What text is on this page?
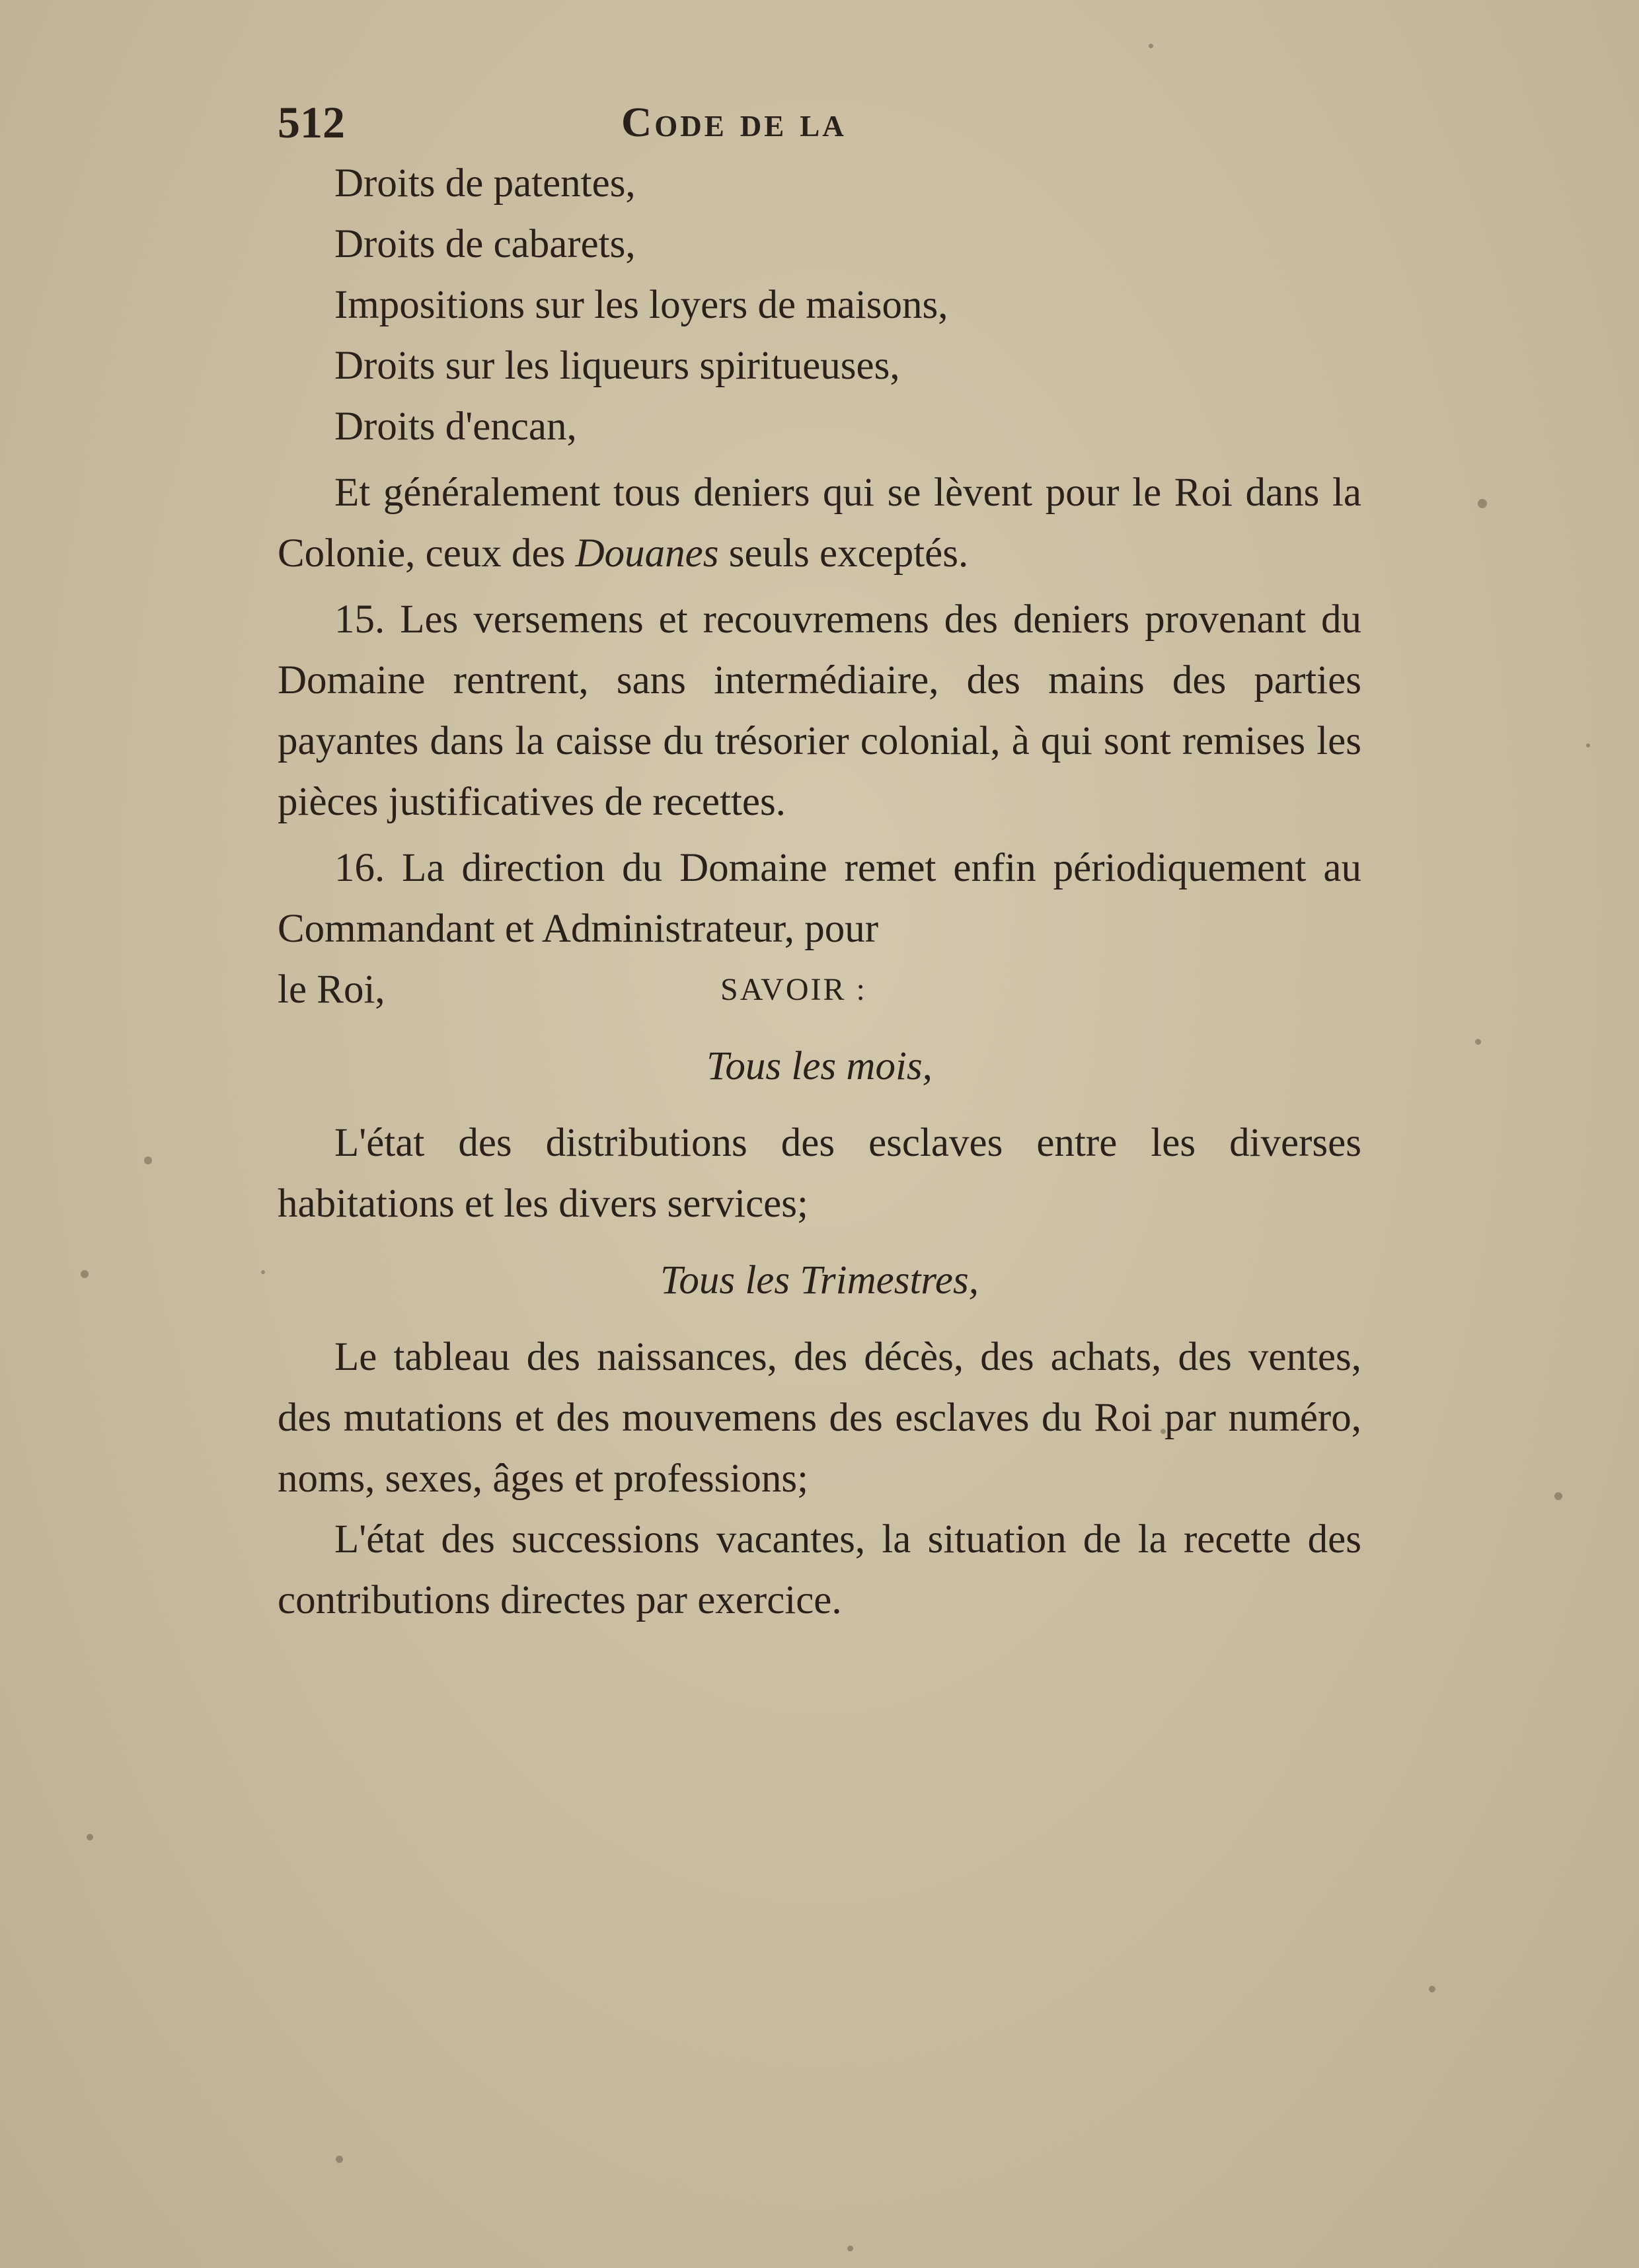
512	Code de la

Droits de patentes,

Droits de cabarets,

Impositions sur les loyers de maisons,

Droits sur les liqueurs spiritueuses,

Droits d'encan,

Et généralement tous deniers qui se lèvent pour le Roi dans la Colonie, ceux des Douanes seuls exceptés.

15. Les versemens et recouvremens des deniers provenant du Domaine rentrent, sans intermédiaire, des mains des parties payantes dans la caisse du trésorier colonial, à qui sont remises les pièces justificatives de recettes.

16. La direction du Domaine remet enfin périodiquement au Commandant et Administrateur, pour

le Roi,	SAVOIR :

Tous les mois,

L'état des distributions des esclaves entre les diverses habitations et les divers services;

Tous les Trimestres,

Le tableau des naissances, des décès, des achats, des ventes, des mutations et des mouvemens des esclaves du Roi par numéro, noms, sexes, âges et professions;

L'état des successions vacantes, la situation de la recette des contributions directes par exercice.
